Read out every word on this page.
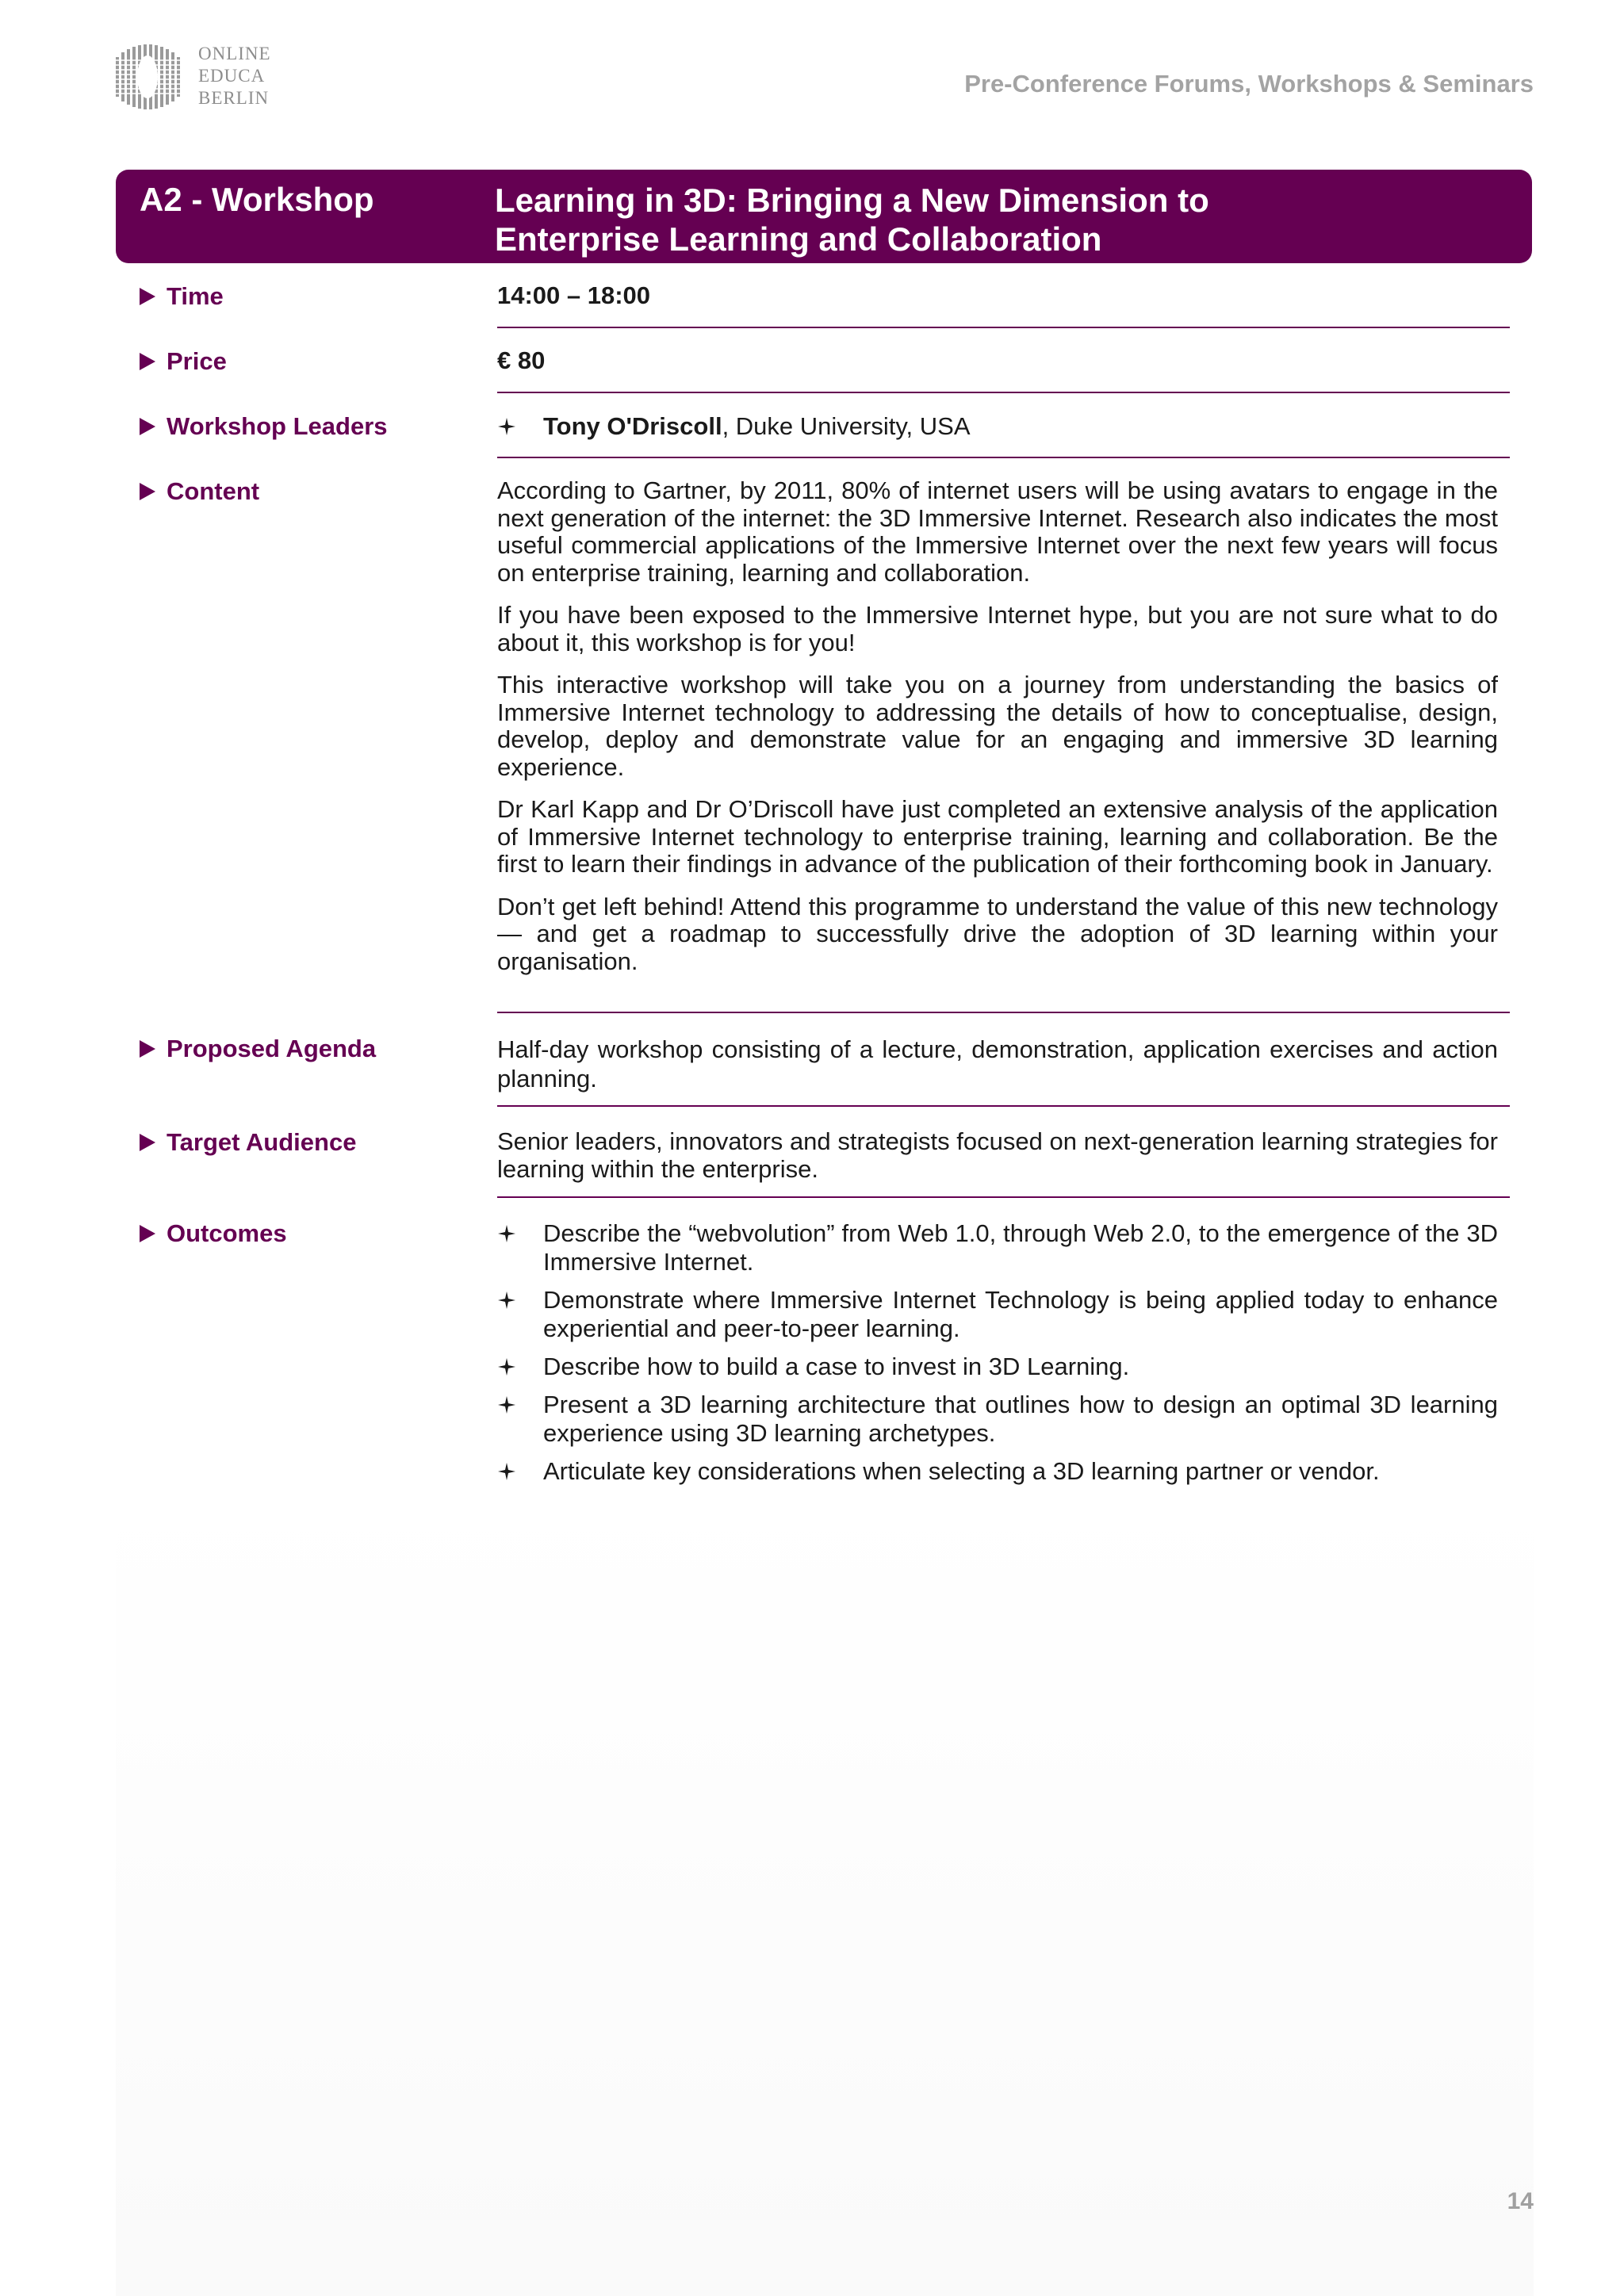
ONLINE
EDUCA
BERLIN
Pre-Conference Forums, Workshops & Seminars
A2 - Workshop	Learning in 3D: Bringing a New Dimension to
Enterprise Learning and Collaboration
Time	14:00 – 18:00
Price	€ 80
Workshop Leaders	Tony O'Driscoll, Duke University, USA
Content	According to Gartner, by 2011, 80% of internet users will be using avatars to engage in the next generation of the internet: the 3D Immersive Internet. Research also indicates the most useful commercial applications of the Immersive Internet over the next few years will focus on enterprise training, learning and collaboration.

If you have been exposed to the Immersive Internet hype, but you are not sure what to do about it, this workshop is for you!

This interactive workshop will take you on a journey from understanding the basics of Immersive Internet technology to addressing the details of how to conceptualise, design, develop, deploy and demonstrate value for an engaging and immersive 3D learning experience.

Dr Karl Kapp and Dr O’Driscoll have just completed an extensive analysis of the application of Immersive Internet technology to enterprise training, learning and collaboration. Be the first to learn their findings in advance of the publication of their forthcoming book in January.

Don’t get left behind! Attend this programme to understand the value of this new technology — and get a roadmap to successfully drive the adoption of 3D learning within your organisation.

Proposed Agenda	Half-day workshop consisting of a lecture, demonstration, application exercises and action planning.
Target Audience	Senior leaders, innovators and strategists focused on next-generation learning strategies for learning within the enterprise.
Outcomes	Describe the “webvolution” from Web 1.0, through Web 2.0, to the emergence of the 3D Immersive Internet.
Demonstrate where Immersive Internet Technology is being applied today to enhance experiential and peer-to-peer learning.
Describe how to build a case to invest in 3D Learning.
Present a 3D learning architecture that outlines how to design an optimal 3D learning experience using 3D learning archetypes.
Articulate key considerations when selecting a 3D learning partner or vendor.
14
